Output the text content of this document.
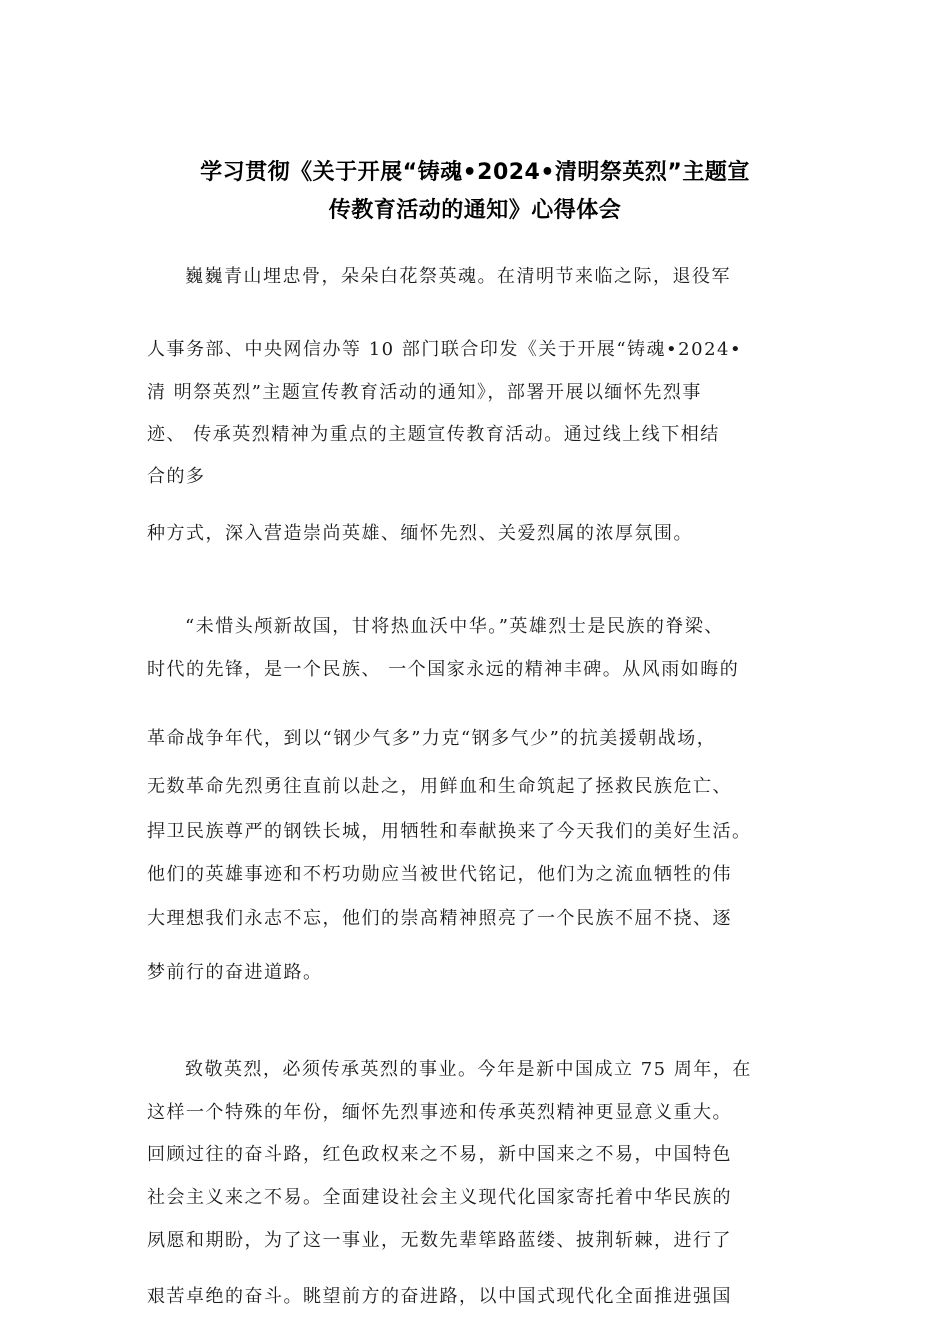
学习贯彻《关于开展“铸魂•2024•清明祭英烈”主题宣
传教育活动的通知》心得体会
巍巍青山埋忠骨，朵朵白花祭英魂。在清明节来临之际，退役军
人事务部、中央网信办等 10 部门联合印发《关于开展“铸魂•2024•
清 明祭英烈”主题宣传教育活动的通知》，部署开展以缅怀先烈事
迹、 传承英烈精神为重点的主题宣传教育活动。通过线上线下相结
合的多
种方式，深入营造崇尚英雄、缅怀先烈、关爱烈属的浓厚氛围。
“未惜头颅新故国，甘将热血沃中华。”英雄烈士是民族的脊梁、
时代的先锋，是一个民族、 一个国家永远的精神丰碑。从风雨如晦的
革命战争年代，到以“钢少气多”力克“钢多气少”的抗美援朝战场，
无数革命先烈勇往直前以赴之，用鲜血和生命筑起了拯救民族危亡、
捍卫民族尊严的钢铁长城，用牺牲和奉献换来了今天我们的美好生活。
他们的英雄事迹和不朽功勋应当被世代铭记，他们为之流血牺牲的伟
大理想我们永志不忘，他们的崇高精神照亮了一个民族不屈不挠、逐
梦前行的奋进道路。
致敬英烈，必须传承英烈的事业。今年是新中国成立 75 周年，在
这样一个特殊的年份，缅怀先烈事迹和传承英烈精神更显意义重大。
回顾过往的奋斗路，红色政权来之不易，新中国来之不易，中国特色
社会主义来之不易。全面建设社会主义现代化国家寄托着中华民族的
夙愿和期盼，为了这一事业，无数先辈筚路蓝缕、披荆斩棘，进行了
艰苦卓绝的奋斗。眺望前方的奋进路，以中国式现代化全面推进强国
